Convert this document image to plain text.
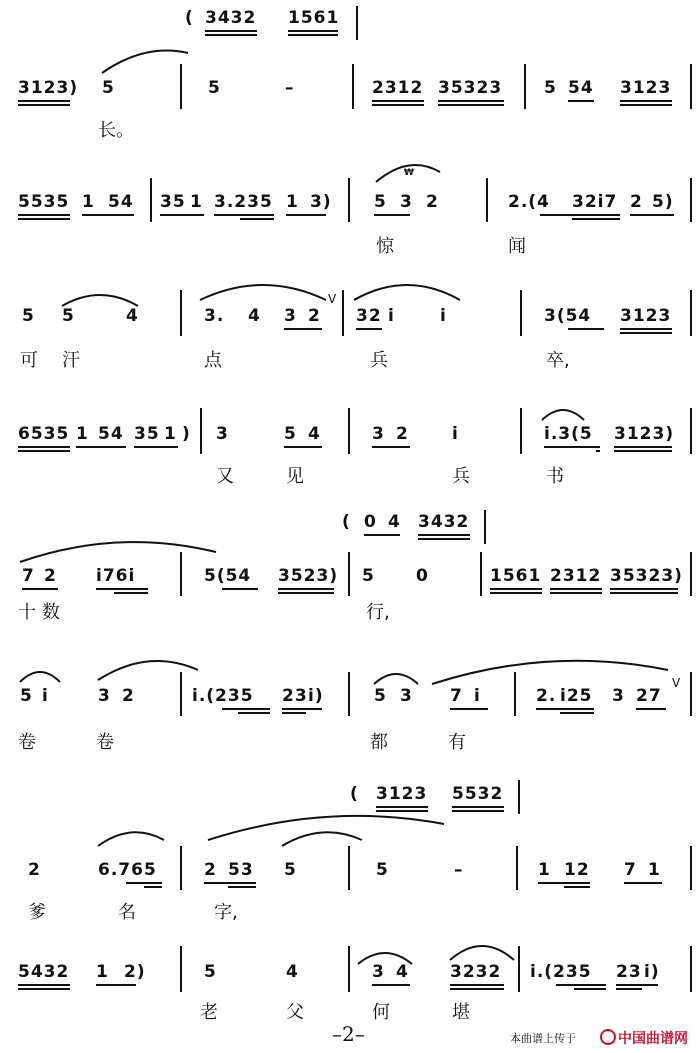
( 3432 1561
3123) 5	5	–	2312 35323 5 54 3123
长。
₩
5535 1 54 35 1 3.235 1 3) 5 3 2	2.(4 32i7 2 5)
惊	闻
5 5	4	3. 4 3 2
V
32 i	i	3(54 3123
可 汗	点	兵	卒,
6535 1 54 35 1 ) 3	5 4	3 2	i	i.3(5 3123)
又	见	兵	书
( 0 4 3432
7 2 i76i	5(54 3523) 5 0	1561 2312 35323)
十 数	行,
5 i	3 2	i.(235 23 i)	5 3 7 i	2. i25 3 27
V
卷	卷	都	有
( 3123 5532
2	6.765	2 53 5	5	–	1 12 7 1
爹	名	字,
5432 1 2)	5	4	3 4 3232 i.(235 23 i)
老	父	何	堪
–2–	本曲谱上传于	中国曲谱网
